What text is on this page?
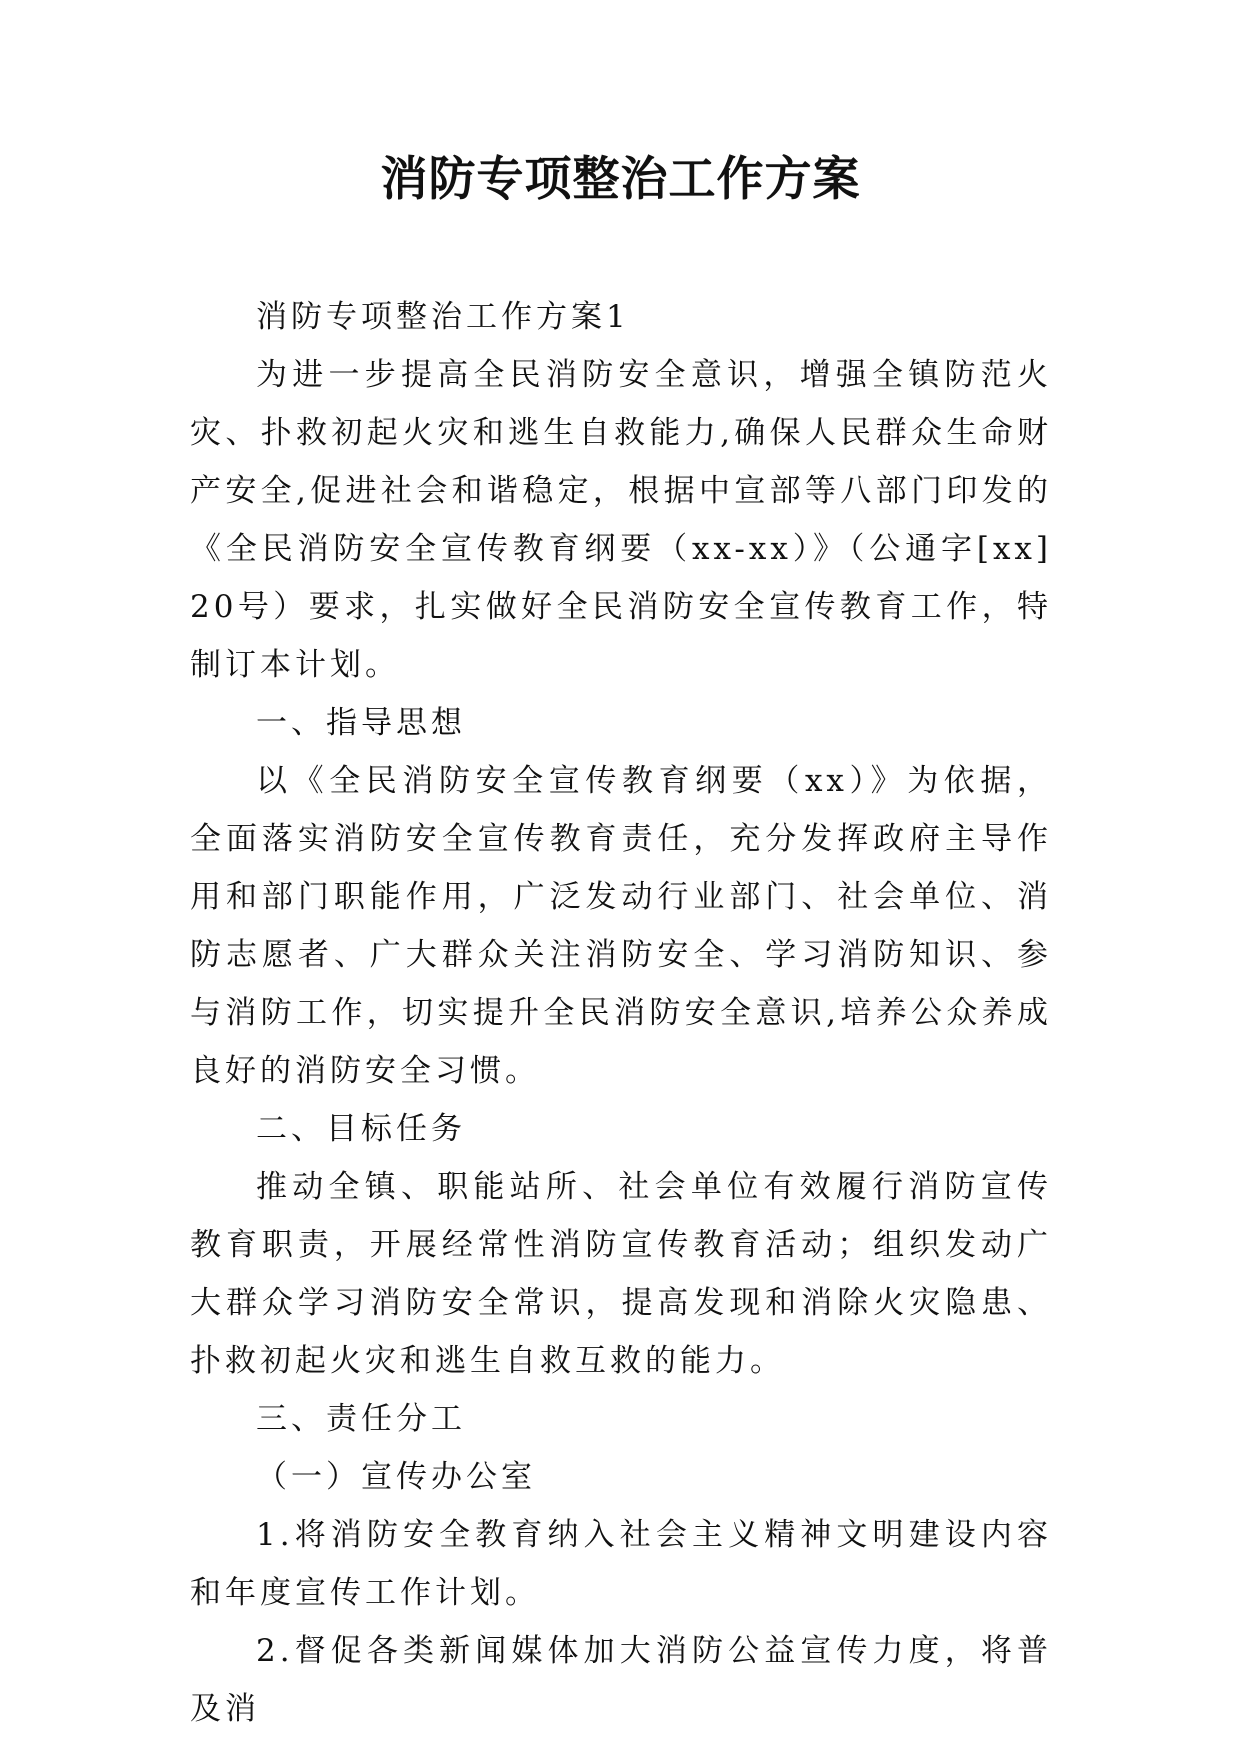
消防专项整治工作方案

消防专项整治工作方案1

为进一步提高全民消防安全意识，增强全镇防范火灾、扑救初起火灾和逃生自救能力,确保人民群众生命财产安全,促进社会和谐稳定，根据中宣部等八部门印发的《全民消防安全宣传教育纲要（xx-xx）》（公通字[xx]20号）要求，扎实做好全民消防安全宣传教育工作，特制订本计划。

一、指导思想

以《全民消防安全宣传教育纲要（xx）》为依据，全面落实消防安全宣传教育责任，充分发挥政府主导作用和部门职能作用，广泛发动行业部门、社会单位、消防志愿者、广大群众关注消防安全、学习消防知识、参与消防工作，切实提升全民消防安全意识,培养公众养成良好的消防安全习惯。

二、目标任务

推动全镇、职能站所、社会单位有效履行消防宣传教育职责，开展经常性消防宣传教育活动；组织发动广大群众学习消防安全常识，提高发现和消除火灾隐患、扑救初起火灾和逃生自救互救的能力。

三、责任分工

（一）宣传办公室

1.将消防安全教育纳入社会主义精神文明建设内容和年度宣传工作计划。

2.督促各类新闻媒体加大消防公益宣传力度，将普及消
